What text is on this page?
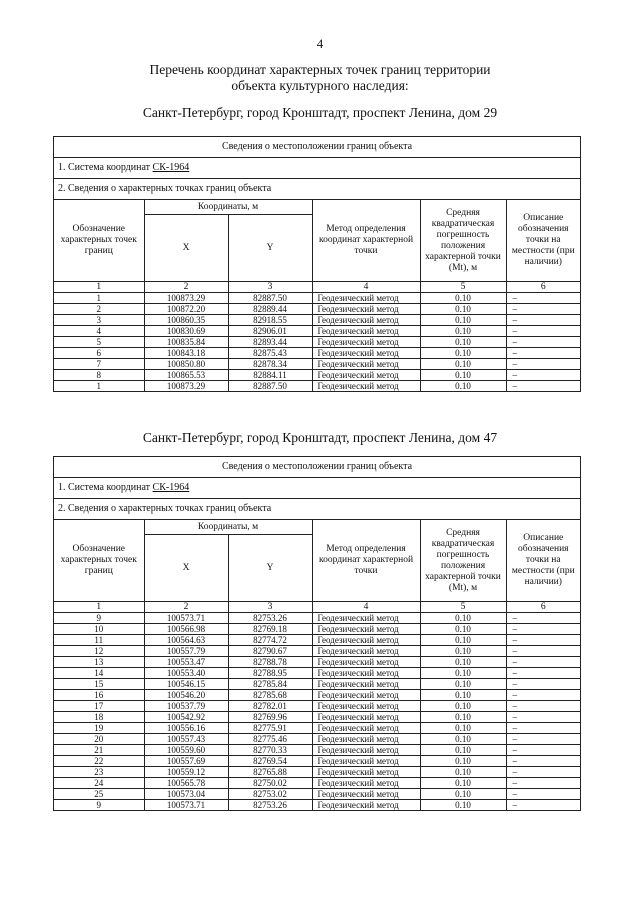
4
Перечень координат характерных точек границ территории
объекта культурного наследия:
Санкт-Петербург, город Кронштадт, проспект Ленина, дом 29
Сведения о местоположении границ объекта
1. Система координат СК-1964
2. Сведения о характерных точках границ объекта
Обозначение характерных точек границ	Координаты, м		Метод определения координат характерной точки	Средняя квадратическая погрешность положения характерной точки (Mt), м	Описание обозначения точки на местности (при наличии)
	X	Y			
1	2	3	4	5	6
1	100873.29	82887.50	Геодезический метод	0.10	–
2	100872.20	82889.44	Геодезический метод	0.10	–
3	100860.35	82918.55	Геодезический метод	0.10	–
4	100830.69	82906.01	Геодезический метод	0.10	–
5	100835.84	82893.44	Геодезический метод	0.10	–
6	100843.18	82875.43	Геодезический метод	0.10	–
7	100850.80	82878.34	Геодезический метод	0.10	–
8	100865.53	82884.11	Геодезический метод	0.10	–
1	100873.29	82887.50	Геодезический метод	0.10	–
Санкт-Петербург, город Кронштадт, проспект Ленина, дом 47
Сведения о местоположении границ объекта
1. Система координат СК-1964
2. Сведения о характерных точках границ объекта
Обозначение характерных точек границ	Координаты, м		Метод определения координат характерной точки	Средняя квадратическая погрешность положения характерной точки (Mt), м	Описание обозначения точки на местности (при наличии)
	X	Y			
1	2	3	4	5	6
9	100573.71	82753.26	Геодезический метод	0.10	–
10	100566.98	82769.18	Геодезический метод	0.10	–
11	100564.63	82774.72	Геодезический метод	0.10	–
12	100557.79	82790.67	Геодезический метод	0.10	–
13	100553.47	82788.78	Геодезический метод	0.10	–
14	100553.40	82788.95	Геодезический метод	0.10	–
15	100546.15	82785.84	Геодезический метод	0.10	–
16	100546.20	82785.68	Геодезический метод	0.10	–
17	100537.79	82782.01	Геодезический метод	0.10	–
18	100542.92	82769.96	Геодезический метод	0.10	–
19	100556.16	82775.91	Геодезический метод	0.10	–
20	100557.43	82775.46	Геодезический метод	0.10	–
21	100559.60	82770.33	Геодезический метод	0.10	–
22	100557.69	82769.54	Геодезический метод	0.10	–
23	100559.12	82765.88	Геодезический метод	0.10	–
24	100565.78	82750.02	Геодезический метод	0.10	–
25	100573.04	82753.02	Геодезический метод	0.10	–
9	100573.71	82753.26	Геодезический метод	0.10	–
